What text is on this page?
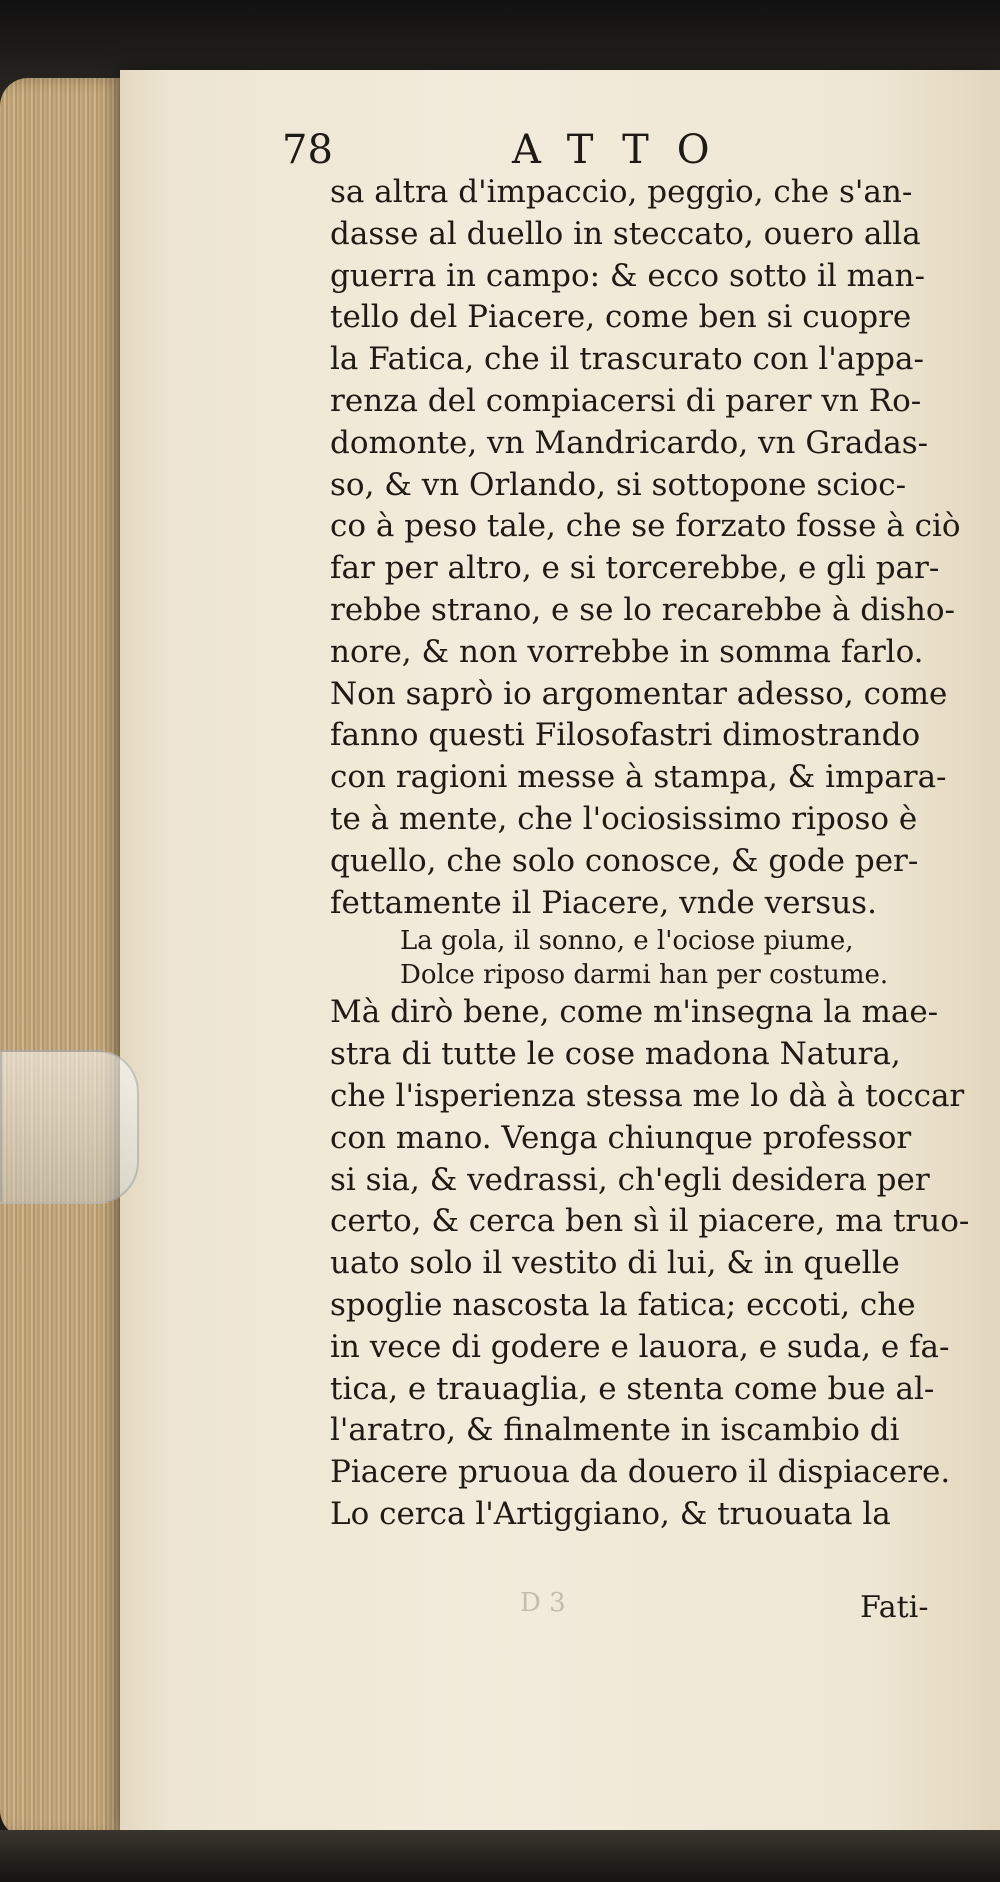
78	ATTO
sa altra d'impaccio, peggio, che s'an-
dasse al duello in steccato, ouero alla
guerra in campo: & ecco sotto il man-
tello del Piacere, come ben si cuopre
la Fatica, che il trascurato con l'appa-
renza del compiacersi di parer vn Ro-
domonte, vn Mandricardo, vn Gradas-
so, & vn Orlando, si sottopone scioc-
co à peso tale, che se forzato fosse à ciò
far per altro, e si torcerebbe, e gli par-
rebbe strano, e se lo recarebbe à disho-
nore, & non vorrebbe in somma farlo.
Non saprò io argomentar adesso, come
fanno questi Filosofastri dimostrando
con ragioni messe à stampa, & impara-
te à mente, che l'ociosissimo riposo è
quello, che solo conosce, & gode per-
fettamente il Piacere, vnde versus.
La gola, il sonno, e l'ociose piume,
Dolce riposo darmi han per costume.
Mà dirò bene, come m'insegna la mae-
stra di tutte le cose madona Natura,
che l'isperienza stessa me lo dà à toccar
con mano. Venga chiunque professor
si sia, & vedrassi, ch'egli desidera per
certo, & cerca ben sì il piacere, ma truo-
uato solo il vestito di lui, & in quelle
spoglie nascosta la fatica; eccoti, che
in vece di godere e lauora, e suda, e fa-
tica, e trauaglia, e stenta come bue al-
l'aratro, & finalmente in iscambio di
Piacere pruoua da douero il dispiacere.
Lo cerca l'Artiggiano, & truouata la
D 3	Fati-
